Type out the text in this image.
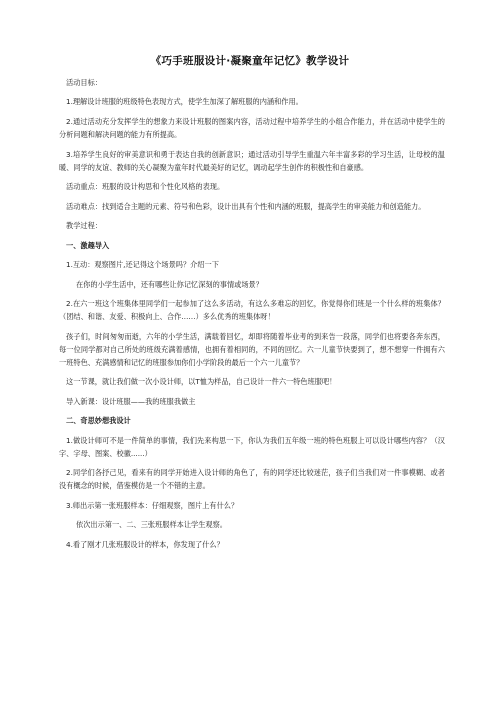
《巧手班服设计·凝聚童年记忆》教学设计

活动目标：

1.理解设计班服的班级特色表现方式，使学生加深了解班服的内涵和作用。

2.通过活动充分发挥学生的想象力来设计班服的图案内容，活动过程中培养学生的小组合作能力，并在活动中使学生的分析问题和解决问题的能力有所提高。

3.培养学生良好的审美意识和勇于表达自我的创新意识；通过活动引导学生重温六年丰富多彩的学习生活，让母校的温暖、同学的友谊、教师的关心凝聚为童年时代最美好的记忆，调动起学生创作的积极性和自豪感。

活动重点：班服的设计构思和个性化风格的表现。

活动难点：找到适合主题的元素、符号和色彩，设计出具有个性和内涵的班服，提高学生的审美能力和创造能力。

教学过程：

一、激趣导入

1.互动：观察图片,还记得这个场景吗？介绍一下

在你的小学生活中，还有哪些让你记忆深刻的事情或场景？

2.在六一班这个班集体里同学们一起参加了这么多活动，有这么多难忘的回忆，你觉得你们班是一个什么样的班集体？（团结、和谐、友爱、积极向上、合作……）多么优秀的班集体呀！

孩子们，时间匆匆而逝，六年的小学生活，满载着回忆，却即将随着毕业考的到来告一段落，同学们也将要各奔东西，每一位同学都对自己所处的班级充满着感情，也拥有着相同的，不同的回忆。六一儿童节快要到了，想不想穿一件拥有六一班特色、充满感情和记忆的班服参加你们小学阶段的最后一个六一儿童节？

这一节课，就让我们做一次小设计师，以T恤为样品，自己设计一件六一特色班服吧！

导入新课：设计班服——我的班服我做主

二、奇思妙想我设计

1.做设计师可不是一件简单的事情，我们先来构思一下，你认为我们五年级一班的特色班服上可以设计哪些内容？（汉字、字母、图案、校徽......）

2.同学们各抒己见，看来有的同学开始进入设计师的角色了，有的同学还比较迷茫，孩子们当我们对一件事模糊、或者没有概念的时候，借鉴模仿是一个不错的主意。

3.师出示第一张班服样本：仔细观察，图片上有什么？

依次出示第一、二、三张班服样本让学生观察。

4.看了刚才几张班服设计的样本，你发现了什么？
